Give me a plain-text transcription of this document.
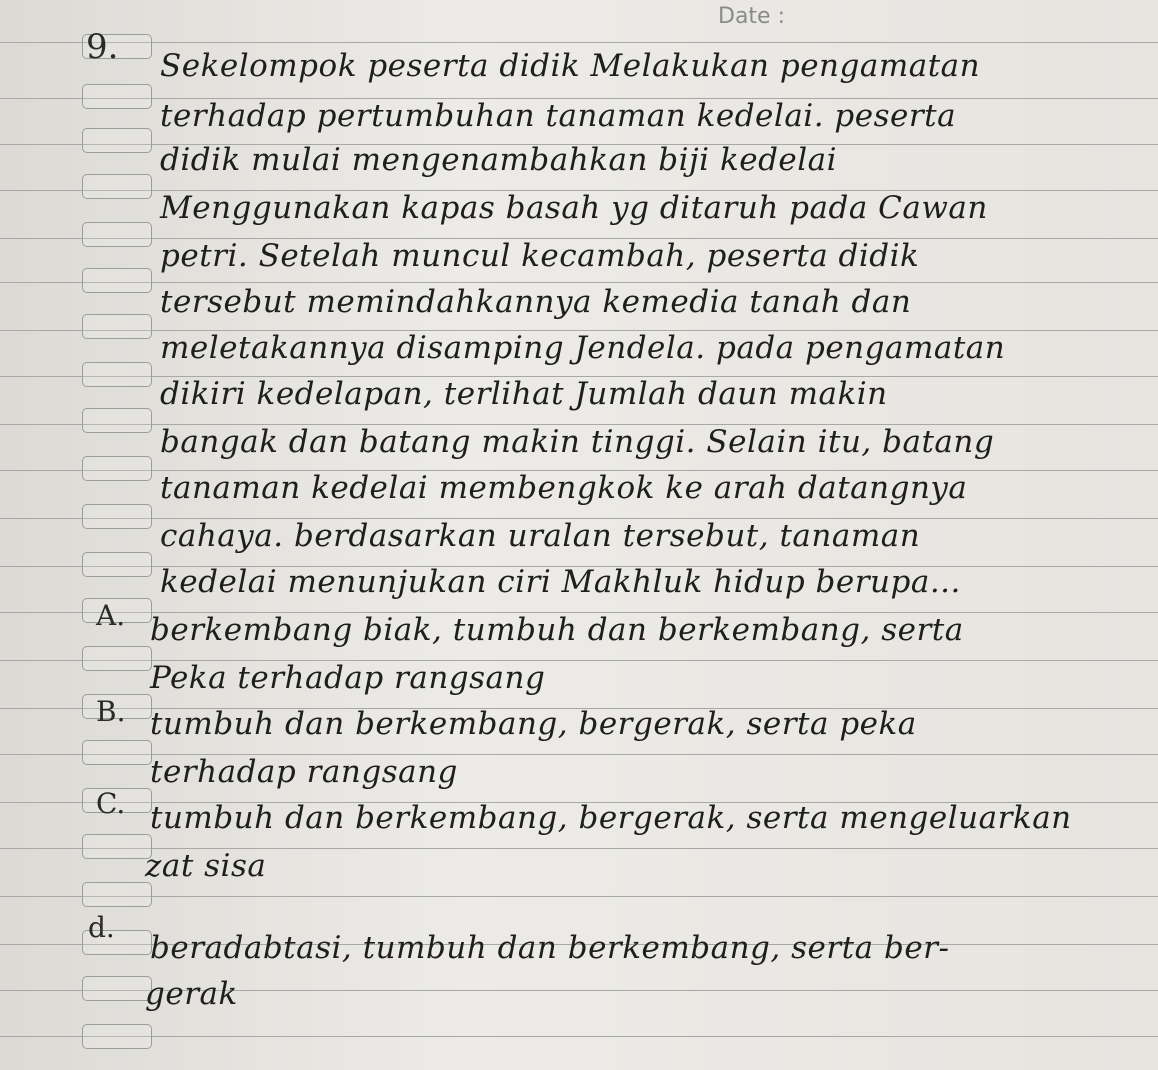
Date :
9. Sekelompok peserta didik Melakukan pengamatan
terhadap pertumbuhan tanaman kedelai. peserta
didik mulai mengenambahkan biji kedelai
Menggunakan kapas basah yg ditaruh pada Cawan
petri. Setelah muncul kecambah, peserta didik
tersebut memindahkannya kemedia tanah dan
meletakannya disamping Jendela. pada pengamatan
dikiri kedelapan, terlihat Jumlah daun makin
bangak dan batang makin tinggi. Selain itu, batang
tanaman kedelai membengkok ke arah datangnya
cahaya. berdasarkan uralan tersebut, tanaman
kedelai menunjukan ciri Makhluk hidup berupa...
A. berkembang biak, tumbuh dan berkembang, serta
Peka terhadap rangsang
B. tumbuh dan berkembang, bergerak, serta peka
terhadap rangsang
C. tumbuh dan berkembang, bergerak, serta mengeluarkan
zat sisa
d.
beradabtasi, tumbuh dan berkembang, serta ber-
gerak
